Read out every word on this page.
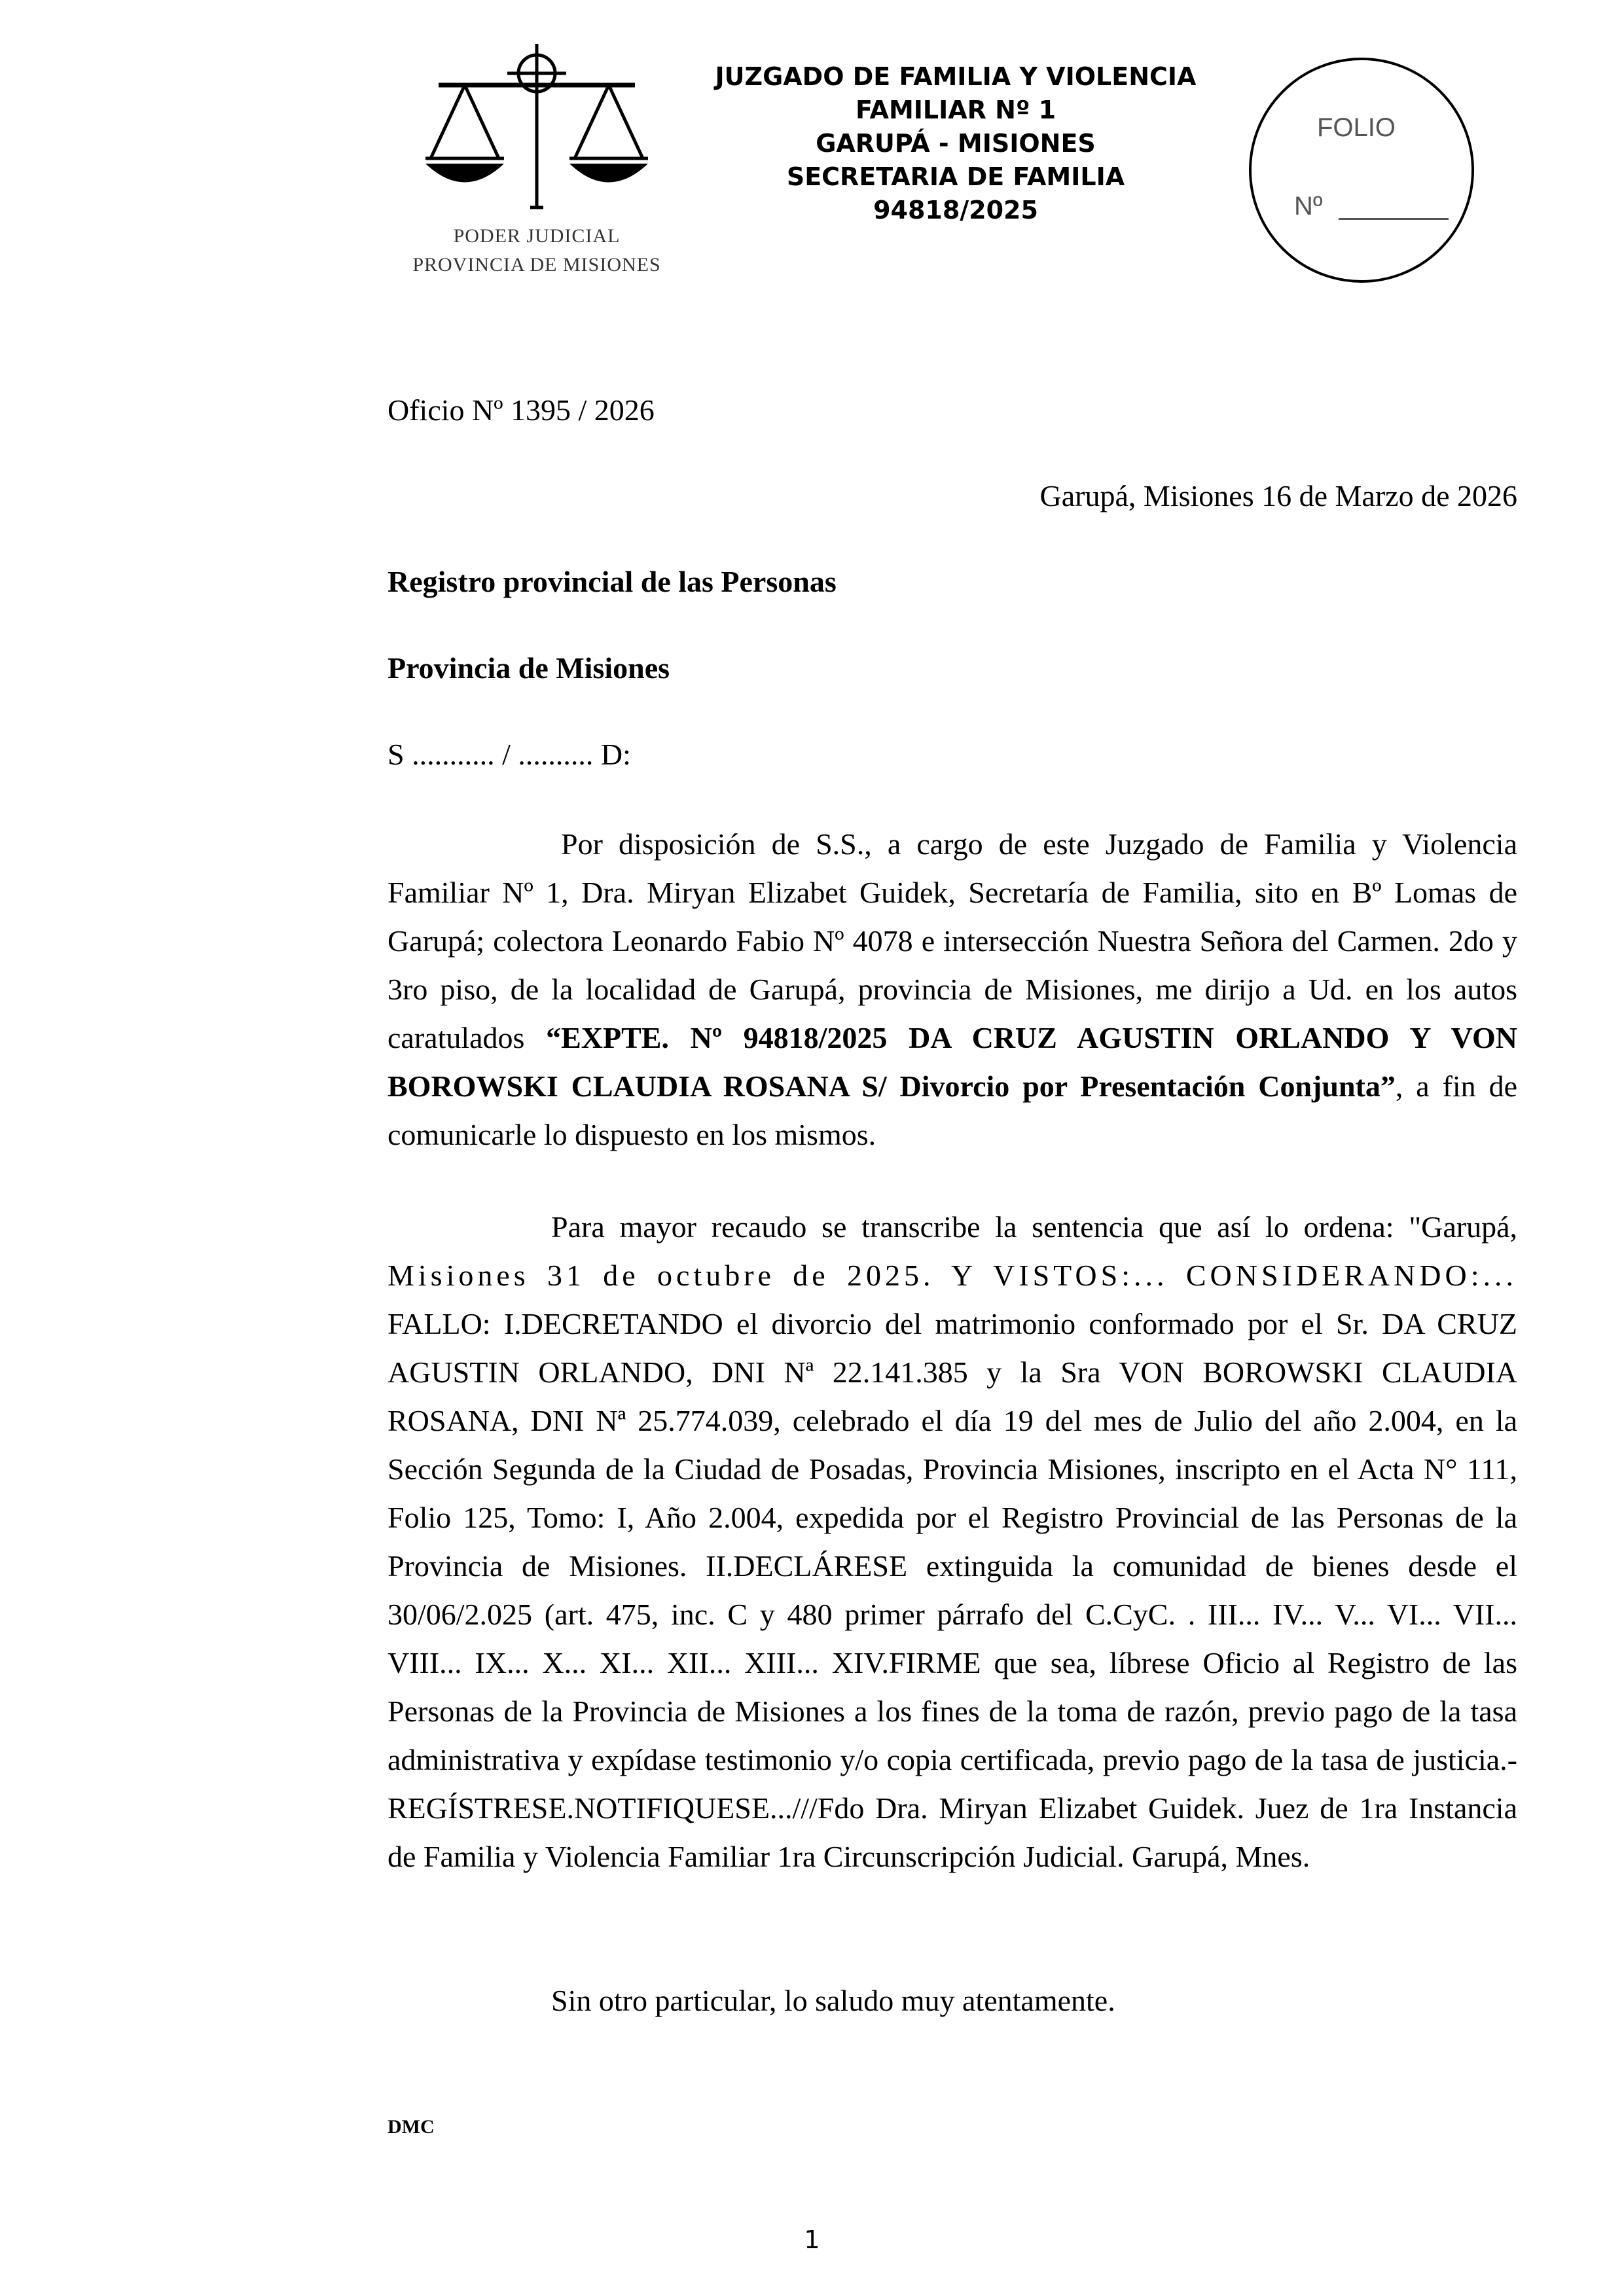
PODER JUDICIAL
PROVINCIA DE MISIONES
JUZGADO DE FAMILIA Y VIOLENCIA
FAMILIAR Nº 1
GARUPÁ - MISIONES
SECRETARIA DE FAMILIA
94818/2025
FOLIO
Nº
Oficio Nº 1395 / 2026
Garupá, Misiones 16 de Marzo de 2026
Registro provincial de las Personas
Provincia de Misiones
S ........... / .......... D:
Por disposición de S.S., a cargo de este Juzgado de Familia y Violencia Familiar Nº 1, Dra. Miryan Elizabet Guidek, Secretaría de Familia, sito en Bº Lomas de Garupá; colectora Leonardo Fabio Nº 4078 e intersección Nuestra Señora del Carmen. 2do y 3ro piso, de la localidad de Garupá, provincia de Misiones, me dirijo a Ud. en los autos caratulados “EXPTE. Nº 94818/2025 DA CRUZ AGUSTIN ORLANDO Y VON BOROWSKI CLAUDIA ROSANA S/ Divorcio por Presentación Conjunta”, a fin de comunicarle lo dispuesto en los mismos.
Para mayor recaudo se transcribe la sentencia que así lo ordena: "Garupá, Misiones 31 de octubre de 2025. Y VISTOS:... CONSIDERANDO:... FALLO: I.DECRETANDO el divorcio del matrimonio conformado por el Sr. DA CRUZ AGUSTIN ORLANDO, DNI Nª 22.141.385 y la Sra VON BOROWSKI CLAUDIA ROSANA, DNI Nª 25.774.039, celebrado el día 19 del mes de Julio del año 2.004, en la Sección Segunda de la Ciudad de Posadas, Provincia Misiones, inscripto en el Acta N° 111, Folio 125, Tomo: I, Año 2.004, expedida por el Registro Provincial de las Personas de la Provincia de Misiones. II.DECLÁRESE extinguida la comunidad de bienes desde el 30/06/2.025 (art. 475, inc. C y 480 primer párrafo del C.CyC. . III... IV... V... VI... VII... VIII... IX... X... XI... XII... XIII... XIV.FIRME que sea, líbrese Oficio al Registro de las Personas de la Provincia de Misiones a los fines de la toma de razón, previo pago de la tasa administrativa y expídase testimonio y/o copia certificada, previo pago de la tasa de justicia.- REGÍSTRESE.NOTIFIQUESE...///Fdo Dra. Miryan Elizabet Guidek. Juez de 1ra Instancia de Familia y Violencia Familiar 1ra Circunscripción Judicial. Garupá, Mnes.
Sin otro particular, lo saludo muy atentamente.
DMC
1
